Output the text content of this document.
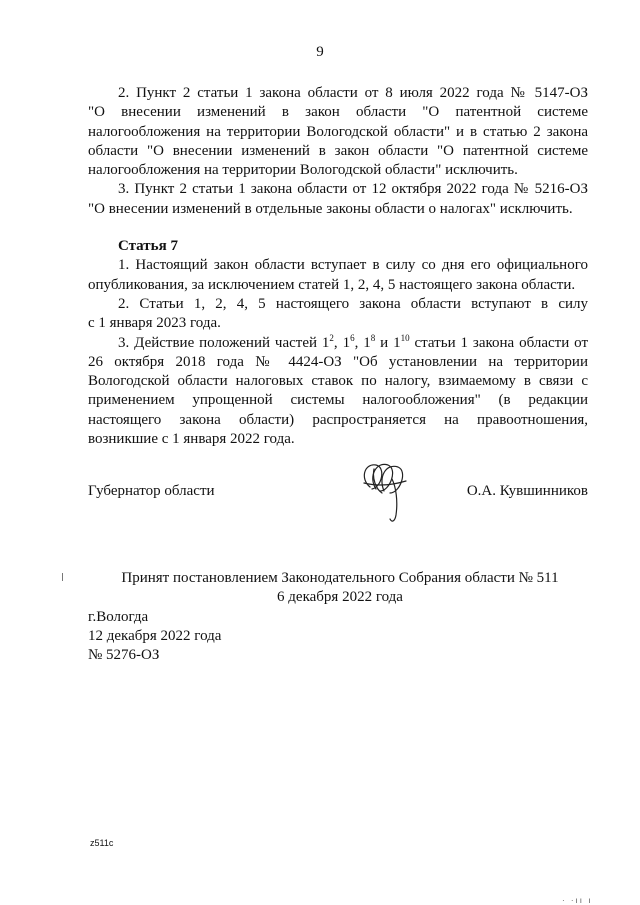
9

2. Пункт 2 статьи 1 закона области от 8 июля 2022 года № 5147-ОЗ

"О внесении изменений в закон области "О патентной системе

налогообложения на территории Вологодской области" и в статью 2 закона

области "О внесении изменений в закон области "О патентной системе

налогообложения на территории Вологодской области" исключить.

3. Пункт 2 статьи 1 закона области от 12 октября 2022 года № 5216-ОЗ

"О внесении изменений в отдельные законы области о налогах" исключить.

Статья 7

1. Настоящий закон области вступает в силу со дня его официального

опубликования, за исключением статей 1, 2, 4, 5 настоящего закона области.

2. Статьи 1, 2, 4, 5 настоящего закона области вступают в силу

с 1 января 2023 года.

3. Действие положений частей $1^2$, $1^6$, $1^8$ и $1^{10}$ статьи 1 закона области от

26 октября 2018 года № 4424-ОЗ "Об установлении на территории

Вологодской области налоговых ставок по налогу, взимаемому в связи с

применением упрощенной системы налогообложения" (в редакции

настоящего закона области) распространяется на правоотношения,

возникшие с 1 января 2022 года.

Губернатор области	О.А. Кувшинников
Принят постановлением Законодательного Собрания области № 511
6 декабря 2022 года
г.Вологда
12 декабря 2022 года
№ 5276-ОЗ
z511c
· ·ıı ı
